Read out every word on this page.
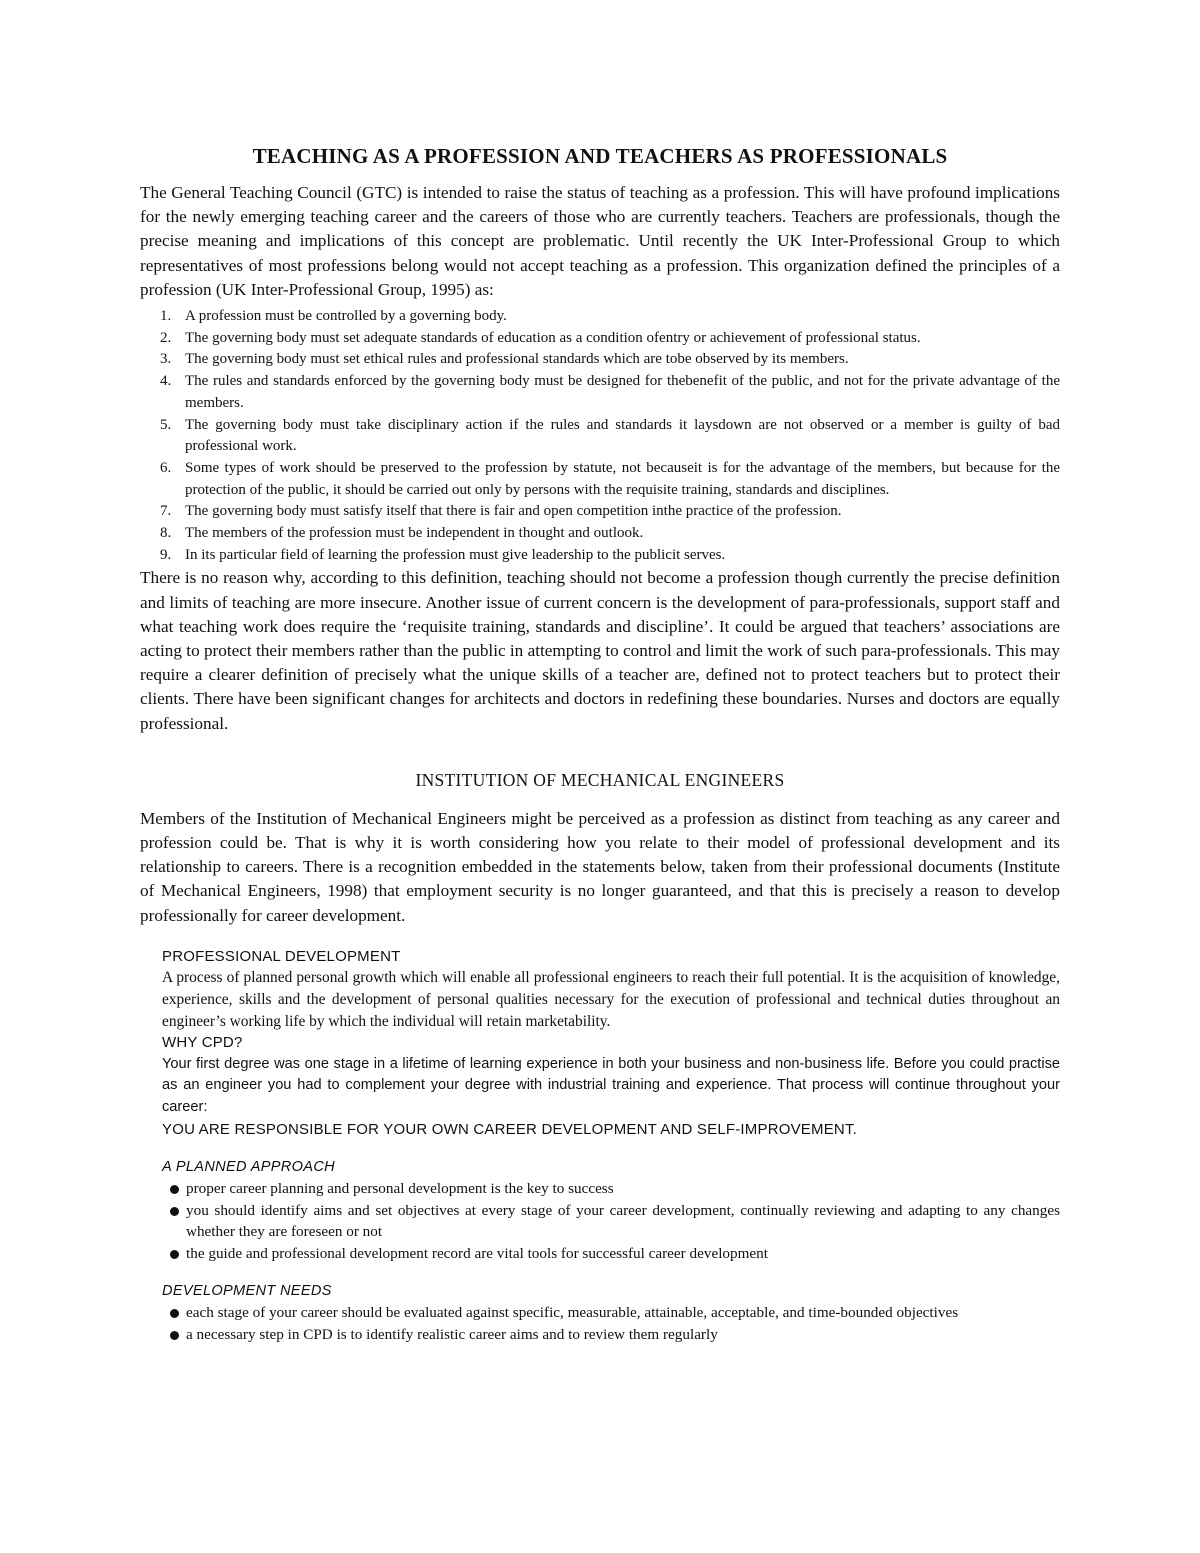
TEACHING AS A PROFESSION AND TEACHERS AS PROFESSIONALS

The General Teaching Council (GTC) is intended to raise the status of teaching as a profession. This will have profound implications for the newly emerging teaching career and the careers of those who are currently teachers. Teachers are professionals, though the precise meaning and implications of this concept are problematic. Until recently the UK Inter-Professional Group to which representatives of most professions belong would not accept teaching as a profession. This organization defined the principles of a profession (UK Inter-Professional Group, 1995) as:

1. A profession must be controlled by a governing body.
2. The governing body must set adequate standards of education as a condition ofentry or achievement of professional status.
3. The governing body must set ethical rules and professional standards which are tobe observed by its members.
4. The rules and standards enforced by the governing body must be designed for thebenefit of the public, and not for the private advantage of the members.
5. The governing body must take disciplinary action if the rules and standards it laysdown are not observed or a member is guilty of bad professional work.
6. Some types of work should be preserved to the profession by statute, not becauseit is for the advantage of the members, but because for the protection of the public, it should be carried out only by persons with the requisite training, standards and disciplines.
7. The governing body must satisfy itself that there is fair and open competition inthe practice of the profession.
8. The members of the profession must be independent in thought and outlook.
9. In its particular field of learning the profession must give leadership to the publicit serves.

There is no reason why, according to this definition, teaching should not become a profession though currently the precise definition and limits of teaching are more insecure. Another issue of current concern is the development of para-professionals, support staff and what teaching work does require the ‘requisite training, standards and discipline’. It could be argued that teachers’ associations are acting to protect their members rather than the public in attempting to control and limit the work of such para-professionals. This may require a clearer definition of precisely what the unique skills of a teacher are, defined not to protect teachers but to protect their clients. There have been significant changes for architects and doctors in redefining these boundaries. Nurses and doctors are equally professional.

INSTITUTION OF MECHANICAL ENGINEERS

Members of the Institution of Mechanical Engineers might be perceived as a profession as distinct from teaching as any career and profession could be. That is why it is worth considering how you relate to their model of professional development and its relationship to careers. There is a recognition embedded in the statements below, taken from their professional documents (Institute of Mechanical Engineers, 1998) that employment security is no longer guaranteed, and that this is precisely a reason to develop professionally for career development.

PROFESSIONAL DEVELOPMENT

A process of planned personal growth which will enable all professional engineers to reach their full potential. It is the acquisition of knowledge, experience, skills and the development of personal qualities necessary for the execution of professional and technical duties throughout an engineer’s working life by which the individual will retain marketability.

WHY CPD?

Your first degree was one stage in a lifetime of learning experience in both your business and non-business life. Before you could practise as an engineer you had to complement your degree with industrial training and experience. That process will continue throughout your career:

YOU ARE RESPONSIBLE FOR YOUR OWN CAREER DEVELOPMENT AND SELF-IMPROVEMENT.
A PLANNED APPROACH
proper career planning and personal development is the key to success
you should identify aims and set objectives at every stage of your career development, continually reviewing and adapting to any changes whether they are foreseen or not
the guide and professional development record are vital tools for successful career development
DEVELOPMENT NEEDS
each stage of your career should be evaluated against specific, measurable, attainable, acceptable, and time-bounded objectives
a necessary step in CPD is to identify realistic career aims and to review them regularly
